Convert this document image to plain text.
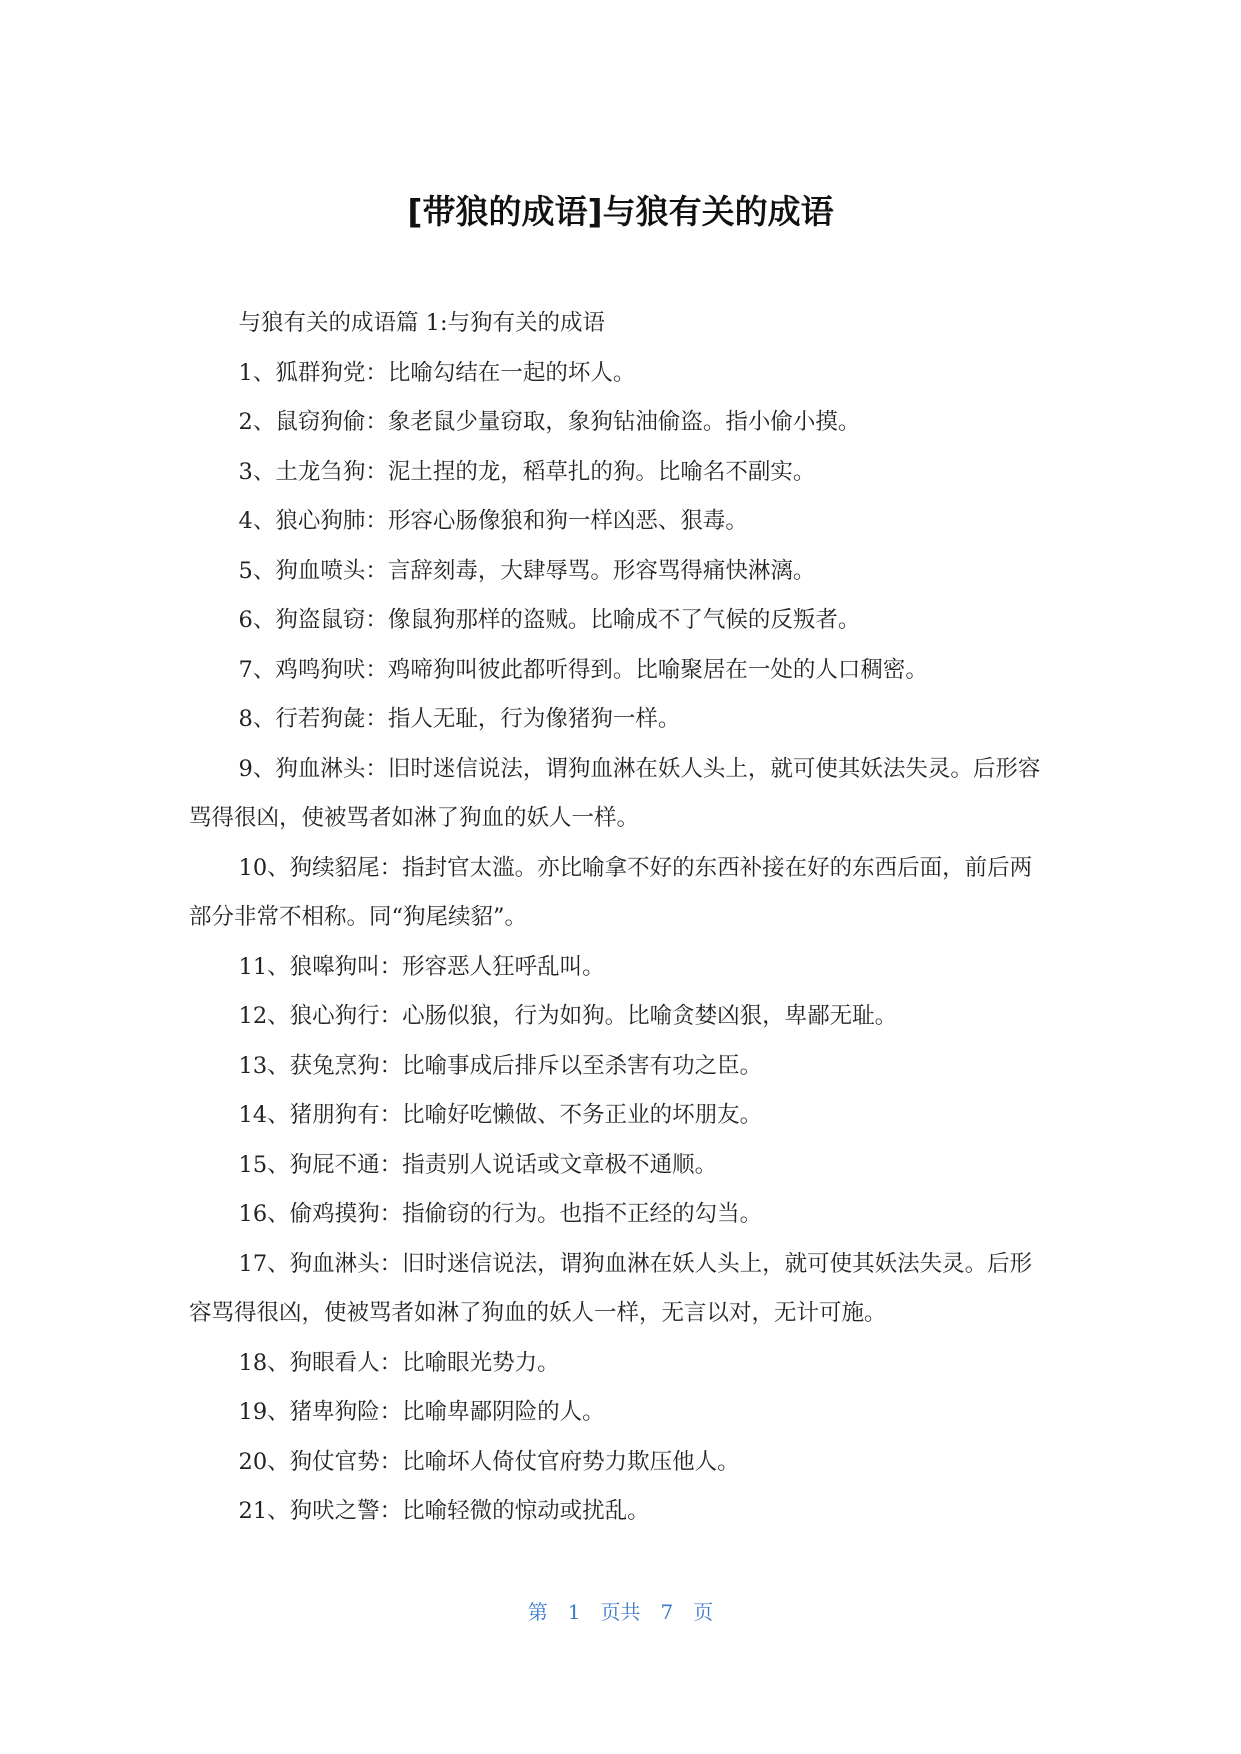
[带狼的成语]与狼有关的成语

与狼有关的成语篇 1:与狗有关的成语

1、狐群狗党：比喻勾结在一起的坏人。

2、鼠窃狗偷：象老鼠少量窃取，象狗钻油偷盗。指小偷小摸。

3、土龙刍狗：泥土捏的龙，稻草扎的狗。比喻名不副实。

4、狼心狗肺：形容心肠像狼和狗一样凶恶、狠毒。

5、狗血喷头：言辞刻毒，大肆辱骂。形容骂得痛快淋漓。

6、狗盗鼠窃：像鼠狗那样的盗贼。比喻成不了气候的反叛者。

7、鸡鸣狗吠：鸡啼狗叫彼此都听得到。比喻聚居在一处的人口稠密。

8、行若狗彘：指人无耻，行为像猪狗一样。

9、狗血淋头：旧时迷信说法，谓狗血淋在妖人头上，就可使其妖法失灵。后形容骂得很凶，使被骂者如淋了狗血的妖人一样。

10、狗续貂尾：指封官太滥。亦比喻拿不好的东西补接在好的东西后面，前后两部分非常不相称。同“狗尾续貂”。

11、狼嗥狗叫：形容恶人狂呼乱叫。

12、狼心狗行：心肠似狼，行为如狗。比喻贪婪凶狠，卑鄙无耻。

13、获兔烹狗：比喻事成后排斥以至杀害有功之臣。

14、猪朋狗有：比喻好吃懒做、不务正业的坏朋友。

15、狗屁不通：指责别人说话或文章极不通顺。

16、偷鸡摸狗：指偷窃的行为。也指不正经的勾当。

17、狗血淋头：旧时迷信说法，谓狗血淋在妖人头上，就可使其妖法失灵。后形容骂得很凶，使被骂者如淋了狗血的妖人一样，无言以对，无计可施。

18、狗眼看人：比喻眼光势力。

19、猪卑狗险：比喻卑鄙阴险的人。

20、狗仗官势：比喻坏人倚仗官府势力欺压他人。

21、狗吠之警：比喻轻微的惊动或扰乱。

第 1 页共 7 页
